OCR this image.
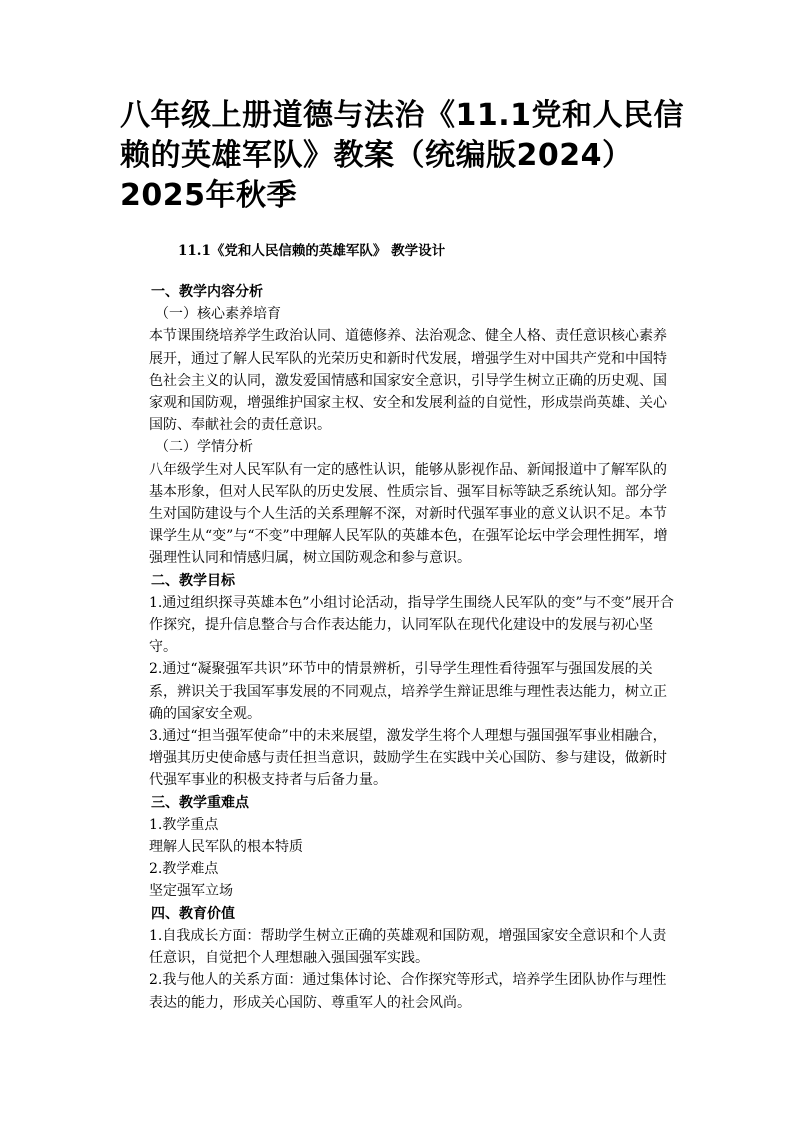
八年级上册道德与法治《11.1党和人民信赖的英雄军队》教案（统编版2024）2025年秋季

11.1《党和人民信赖的英雄军队》 教学设计

一、教学内容分析

（一）核心素养培育

本节课围绕培养学生政治认同、道德修养、法治观念、健全人格、责任意识核心素养展开，通过了解人民军队的光荣历史和新时代发展，增强学生对中国共产党和中国特色社会主义的认同，激发爱国情感和国家安全意识，引导学生树立正确的历史观、国家观和国防观，增强维护国家主权、安全和发展利益的自觉性，形成崇尚英雄、关心国防、奉献社会的责任意识。

（二）学情分析

八年级学生对人民军队有一定的感性认识，能够从影视作品、新闻报道中了解军队的基本形象，但对人民军队的历史发展、性质宗旨、强军目标等缺乏系统认知。部分学生对国防建设与个人生活的关系理解不深，对新时代强军事业的意义认识不足。本节课学生从“变”与“不变”中理解人民军队的英雄本色，在强军论坛中学会理性拥军，增强理性认同和情感归属，树立国防观念和参与意识。

二、教学目标

1.通过组织探寻英雄本色”小组讨论活动，指导学生围绕人民军队的变”与不变”展开合作探究，提升信息整合与合作表达能力，认同军队在现代化建设中的发展与初心坚守。

2.通过“凝聚强军共识”环节中的情景辨析，引导学生理性看待强军与强国发展的关系，辨识关于我国军事发展的不同观点，培养学生辩证思维与理性表达能力，树立正确的国家安全观。

3.通过“担当强军使命”中的未来展望，激发学生将个人理想与强国强军事业相融合，增强其历史使命感与责任担当意识，鼓励学生在实践中关心国防、参与建设，做新时代强军事业的积极支持者与后备力量。

三、教学重难点

1.教学重点

理解人民军队的根本特质

2.教学难点

坚定强军立场

四、教育价值

1.自我成长方面：帮助学生树立正确的英雄观和国防观，增强国家安全意识和个人责任意识，自觉把个人理想融入强国强军实践。

2.我与他人的关系方面：通过集体讨论、合作探究等形式，培养学生团队协作与理性表达的能力，形成关心国防、尊重军人的社会风尚。
